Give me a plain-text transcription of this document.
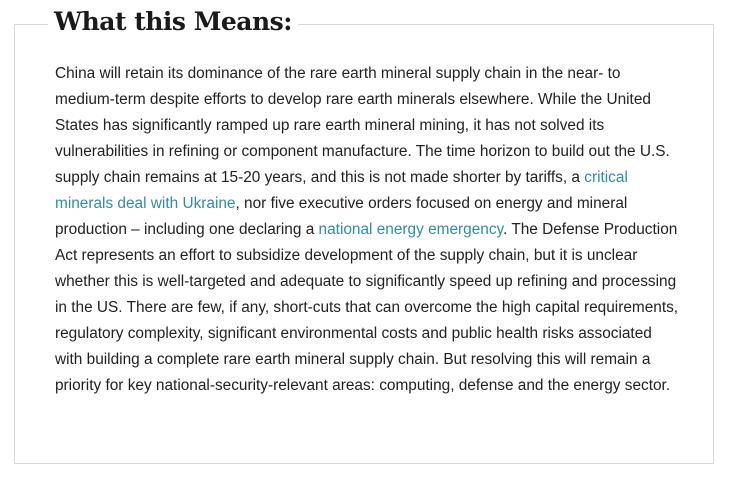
What this Means:

China will retain its dominance of the rare earth mineral supply chain in the near- to medium-term despite efforts to develop rare earth minerals elsewhere. While the United States has significantly ramped up rare earth mineral mining, it has not solved its vulnerabilities in refining or component manufacture. The time horizon to build out the U.S. supply chain remains at 15-20 years, and this is not made shorter by tariffs, a critical minerals deal with Ukraine, nor five executive orders focused on energy and mineral production – including one declaring a national energy emergency. The Defense Production Act represents an effort to subsidize development of the supply chain, but it is unclear whether this is well-targeted and adequate to significantly speed up refining and processing in the US. There are few, if any, short-cuts that can overcome the high capital requirements, regulatory complexity, significant environmental costs and public health risks associated with building a complete rare earth mineral supply chain. But resolving this will remain a priority for key national-security-relevant areas: computing, defense and the energy sector.
